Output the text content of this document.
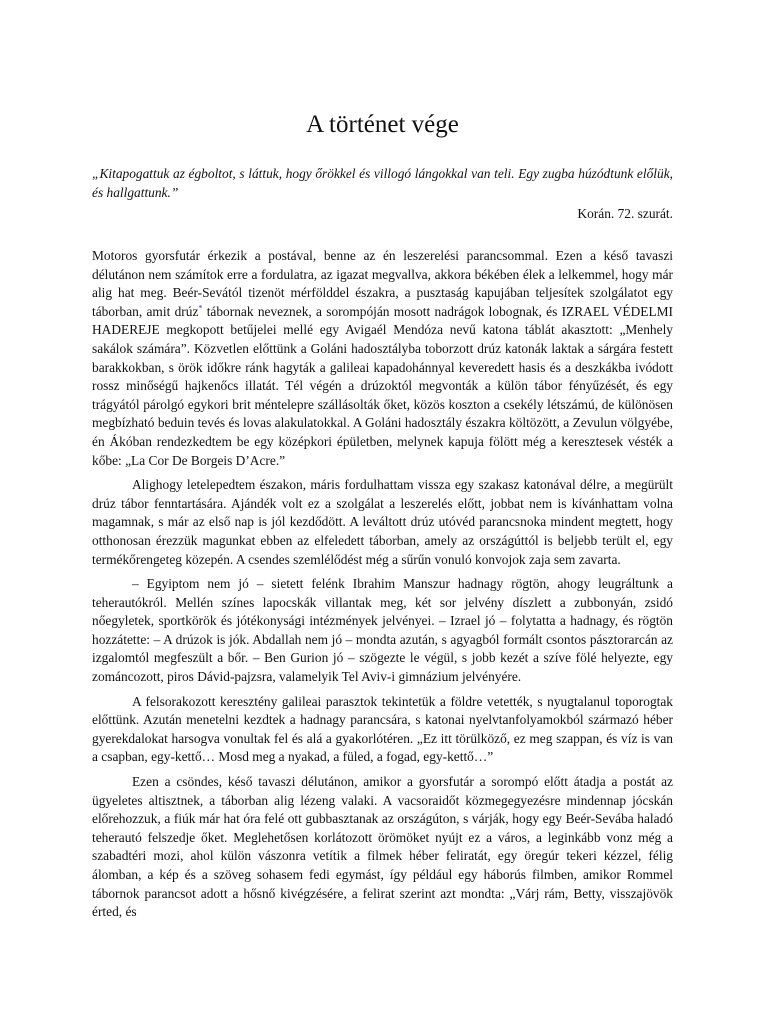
A történet vége

„Kitapogattuk az égboltot, s láttuk, hogy őrökkel és villogó lángokkal van teli. Egy zugba húzódtunk előlük, és hallgattunk.”

Korán. 72. szurát.

Motoros gyorsfutár érkezik a postával, benne az én leszerelési parancsommal. Ezen a késő tavaszi délutánon nem számítok erre a fordulatra, az igazat megvallva, akkora békében élek a lelkemmel, hogy már alig hat meg. Beér-Sevától tizenöt mérfölddel északra, a pusztaság kapujában teljesítek szolgálatot egy táborban, amit drúz* tábornak neveznek, a sorompóján mosott nadrágok lobognak, és IZRAEL VÉDELMI HADEREJE megkopott betűjelei mellé egy Avigaél Mendóza nevű katona táblát akasztott: „Menhely sakálok számára”. Közvetlen előttünk a Goláni hadosztályba toborzott drúz katonák laktak a sárgára festett barakkokban, s örök időkre ránk hagyták a galileai kapadohánnyal keveredett hasis és a deszkákba ivódott rossz minőségű hajkenőcs illatát. Tél végén a drúzoktól megvonták a külön tábor fényűzését, és egy trágyától párolgó egykori brit méntelepre szállásolták őket, közös koszton a csekély létszámú, de különösen megbízható beduin tevés és lovas alakulatokkal. A Goláni hadosztály északra költözött, a Zevulun völgyébe, én Ákóban rendezkedtem be egy középkori épületben, melynek kapuja fölött még a keresztesek vésték a kőbe: „La Cor De Borgeis D’Acre.”

Alighogy letelepedtem északon, máris fordulhattam vissza egy szakasz katonával délre, a megürült drúz tábor fenntartására. Ajándék volt ez a szolgálat a leszerelés előtt, jobbat nem is kívánhattam volna magamnak, s már az első nap is jól kezdődött. A leváltott drúz utóvéd parancsnoka mindent megtett, hogy otthonosan érezzük magunkat ebben az elfeledett táborban, amely az országúttól is beljebb terült el, egy termékőrengeteg közepén. A csendes szemlélődést még a sűrűn vonuló konvojok zaja sem zavarta.

– Egyiptom nem jó – sietett felénk Ibrahim Manszur hadnagy rögtön, ahogy leugráltunk a teherautókról. Mellén színes lapocskák villantak meg, két sor jelvény díszlett a zubbonyán, zsidó nőegyletek, sportkörök és jótékonysági intézmények jelvényei. – Izrael jó – folytatta a hadnagy, és rögtön hozzátette: – A drúzok is jók. Abdallah nem jó – mondta azután, s agyagból formált csontos pásztorarcán az izgalomtól megfeszült a bőr. – Ben Gurion jó – szögezte le végül, s jobb kezét a szíve fölé helyezte, egy zománcozott, piros Dávid-pajzsra, valamelyik Tel Aviv-i gimnázium jelvényére.

A felsorakozott keresztény galileai parasztok tekintetük a földre vetették, s nyugtalanul toporogtak előttünk. Azután menetelni kezdtek a hadnagy parancsára, s katonai nyelvtanfolyamokból származó héber gyerekdalokat harsogva vonultak fel és alá a gyakorlótéren. „Ez itt törülköző, ez meg szappan, és víz is van a csapban, egy-kettő… Mosd meg a nyakad, a füled, a fogad, egy-kettő…”

Ezen a csöndes, késő tavaszi délutánon, amikor a gyorsfutár a sorompó előtt átadja a postát az ügyeletes altisztnek, a táborban alig lézeng valaki. A vacsoraidőt közmegegyezésre mindennap jócskán előrehozzuk, a fiúk már hat óra felé ott gubbasztanak az országúton, s várják, hogy egy Beér-Sevába haladó teherautó felszedje őket. Meglehetősen korlátozott örömöket nyújt ez a város, a leginkább vonz még a szabadtéri mozi, ahol külön vászonra vetítik a filmek héber feliratát, egy öregúr tekeri kézzel, félig álomban, a kép és a szöveg sohasem fedi egymást, így például egy háborús filmben, amikor Rommel tábornok parancsot adott a hősnő kivégzésére, a felirat szerint azt mondta: „Várj rám, Betty, visszajövök érted, és
